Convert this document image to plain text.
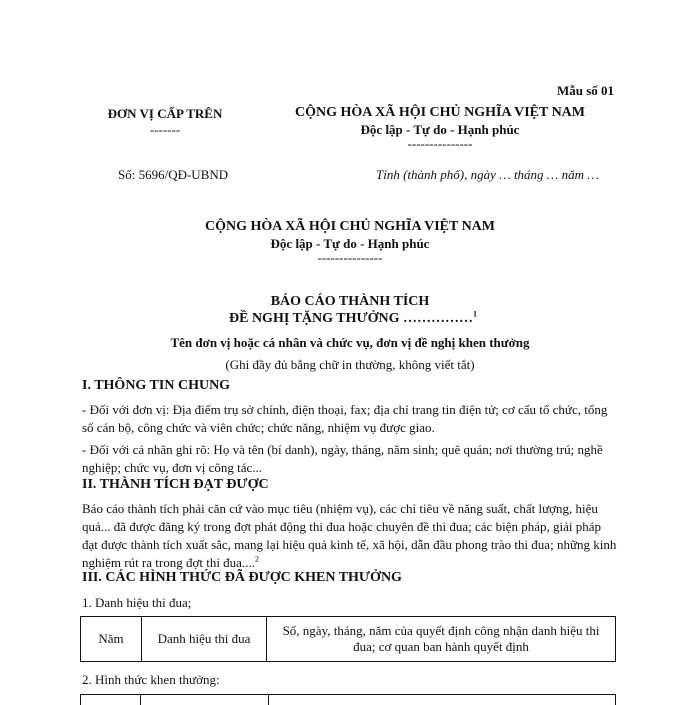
Mẫu số 01
ĐƠN VỊ CẤP TRÊN
-------
CỘNG HÒA XÃ HỘI CHỦ NGHĨA VIỆT NAM
Độc lập - Tự do - Hạnh phúc
---------------
Số: 5696/QĐ-UBND	Tỉnh (thành phố), ngày … tháng … năm …
CỘNG HÒA XÃ HỘI CHỦ NGHĨA VIỆT NAM
Độc lập - Tự do - Hạnh phúc
---------------
BÁO CÁO THÀNH TÍCH
ĐỀ NGHỊ TẶNG THƯỞNG ……………$^1$
Tên đơn vị hoặc cá nhân và chức vụ, đơn vị đề nghị khen thưởng
(Ghi đầy đủ bằng chữ in thường, không viết tắt)
I. THÔNG TIN CHUNG
- Đối với đơn vị: Địa điểm trụ sở chính, điện thoại, fax; địa chỉ trang tin điện tử; cơ cấu tổ chức, tổng số cán bộ, công chức và viên chức; chức năng, nhiệm vụ được giao.
- Đối với cá nhân ghi rõ: Họ và tên (bí danh), ngày, tháng, năm sinh; quê quán; nơi thường trú; nghề nghiệp; chức vụ, đơn vị công tác...
II. THÀNH TÍCH ĐẠT ĐƯỢC
Báo cáo thành tích phải căn cứ vào mục tiêu (nhiệm vụ), các chỉ tiêu về năng suất, chất lượng, hiệu quả... đã được đăng ký trong đợt phát động thi đua hoặc chuyên đề thi đua; các biện pháp, giải pháp đạt được thành tích xuất sắc, mang lại hiệu quả kinh tế, xã hội, dẫn đầu phong trào thi đua; những kinh nghiệm rút ra trong đợt thi đua....$^2$
III. CÁC HÌNH THỨC ĐÃ ĐƯỢC KHEN THƯỞNG
1. Danh hiệu thi đua;
Năm	Danh hiệu thi đua	Số, ngày, tháng, năm của quyết định công nhận danh hiệu thi đua; cơ quan ban hành quyết định
2. Hình thức khen thưởng:
